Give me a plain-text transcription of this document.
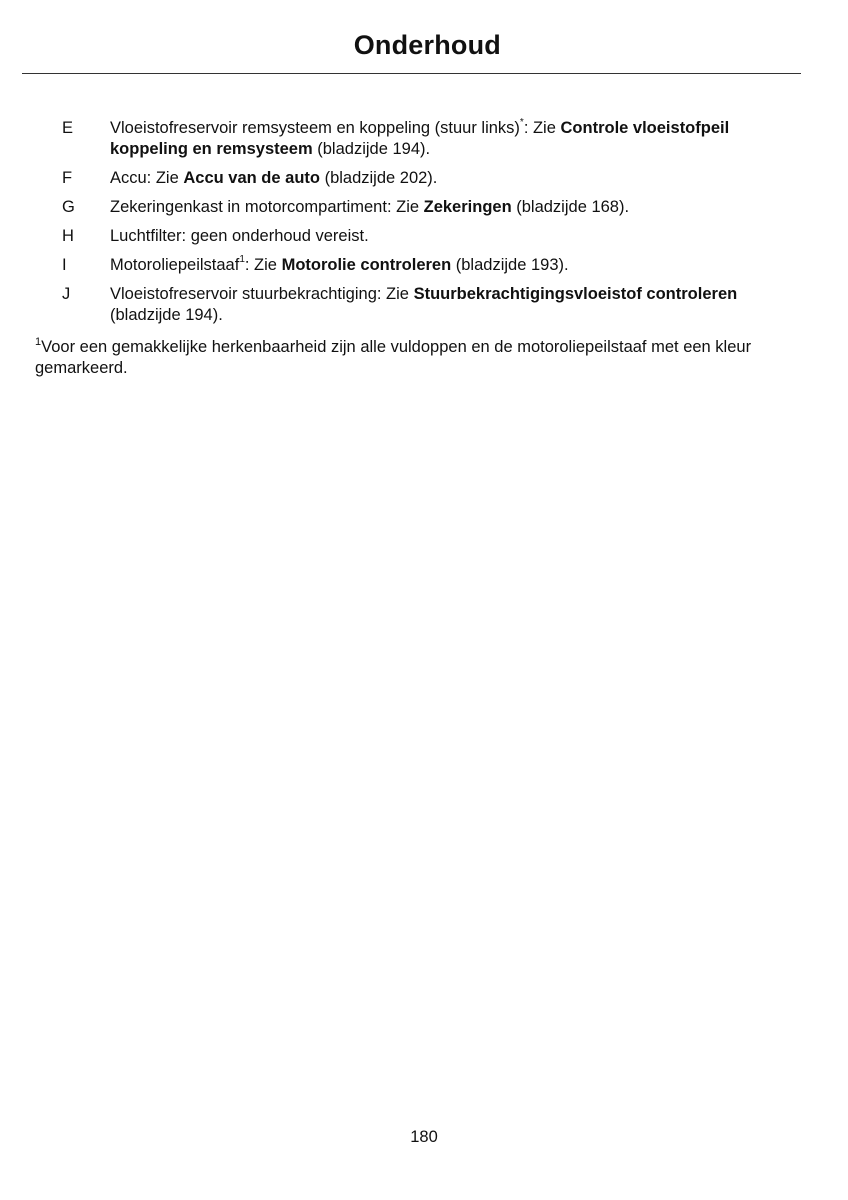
Onderhoud
E	Vloeistofreservoir remsysteem en koppeling (stuur links)*: Zie Controle vloeistofpeil koppeling en remsysteem (bladzijde 194).
F	Accu: Zie Accu van de auto (bladzijde 202).
G	Zekeringenkast in motorcompartiment: Zie Zekeringen (bladzijde 168).
H	Luchtfilter: geen onderhoud vereist.
I	Motoroliepeilstaaf$^1$: Zie Motorolie controleren (bladzijde 193).
J	Vloeistofreservoir stuurbekrachtiging: Zie Stuurbekrachtigingsvloeistof controleren (bladzijde 194).
$^1$Voor een gemakkelijke herkenbaarheid zijn alle vuldoppen en de motoroliepeilstaaf met een kleur gemarkeerd.
180
